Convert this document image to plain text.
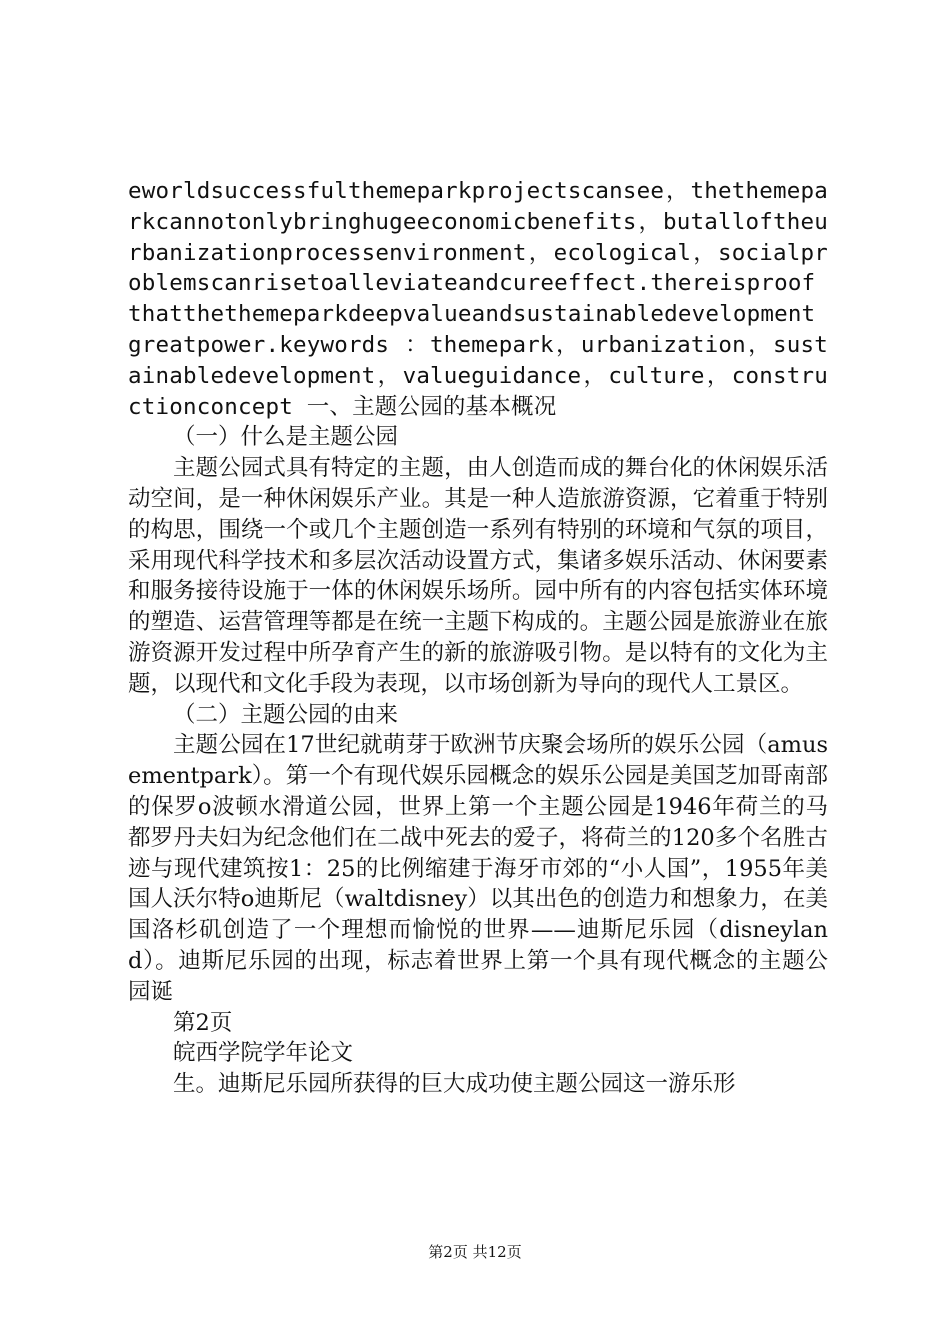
eworldsuccessfulthemeparkprojectscansee，thethemeparkcannotonlybringhugeeconomicbenefits，butalloftheurbanizationprocessenvironment，ecological，socialproblemscanrisetoalleviateandcureeffect.thereisproofthatthethemeparkdeepvalueandsustainabledevelopmentgreatpower.keywords ：themepark，urbanization，sustainabledevelopment，valueguidance，culture，constructionconcept 一、主题公园的基本概况

（一）什么是主题公园

主题公园式具有特定的主题，由人创造而成的舞台化的休闲娱乐活动空间，是一种休闲娱乐产业。其是一种人造旅游资源，它着重于特别的构思，围绕一个或几个主题创造一系列有特别的环境和气氛的项目，采用现代科学技术和多层次活动设置方式，集诸多娱乐活动、休闲要素和服务接待设施于一体的休闲娱乐场所。园中所有的内容包括实体环境的塑造、运营管理等都是在统一主题下构成的。主题公园是旅游业在旅游资源开发过程中所孕育产生的新的旅游吸引物。是以特有的文化为主题，以现代和文化手段为表现，以市场创新为导向的现代人工景区。

（二）主题公园的由来

主题公园在17世纪就萌芽于欧洲节庆聚会场所的娱乐公园（amusementpark）。第一个有现代娱乐园概念的娱乐公园是美国芝加哥南部的保罗o波顿水滑道公园，世界上第一个主题公园是1946年荷兰的马都罗丹夫妇为纪念他们在二战中死去的爱子，将荷兰的120多个名胜古迹与现代建筑按1：25的比例缩建于海牙市郊的“小人国”，1955年美国人沃尔特o迪斯尼（waltdisney）以其出色的创造力和想象力，在美国洛杉矶创造了一个理想而愉悦的世界——迪斯尼乐园（disneyland）。迪斯尼乐园的出现，标志着世界上第一个具有现代概念的主题公园诞

第2页

皖西学院学年论文

生。迪斯尼乐园所获得的巨大成功使主题公园这一游乐形

第2页 共12页
